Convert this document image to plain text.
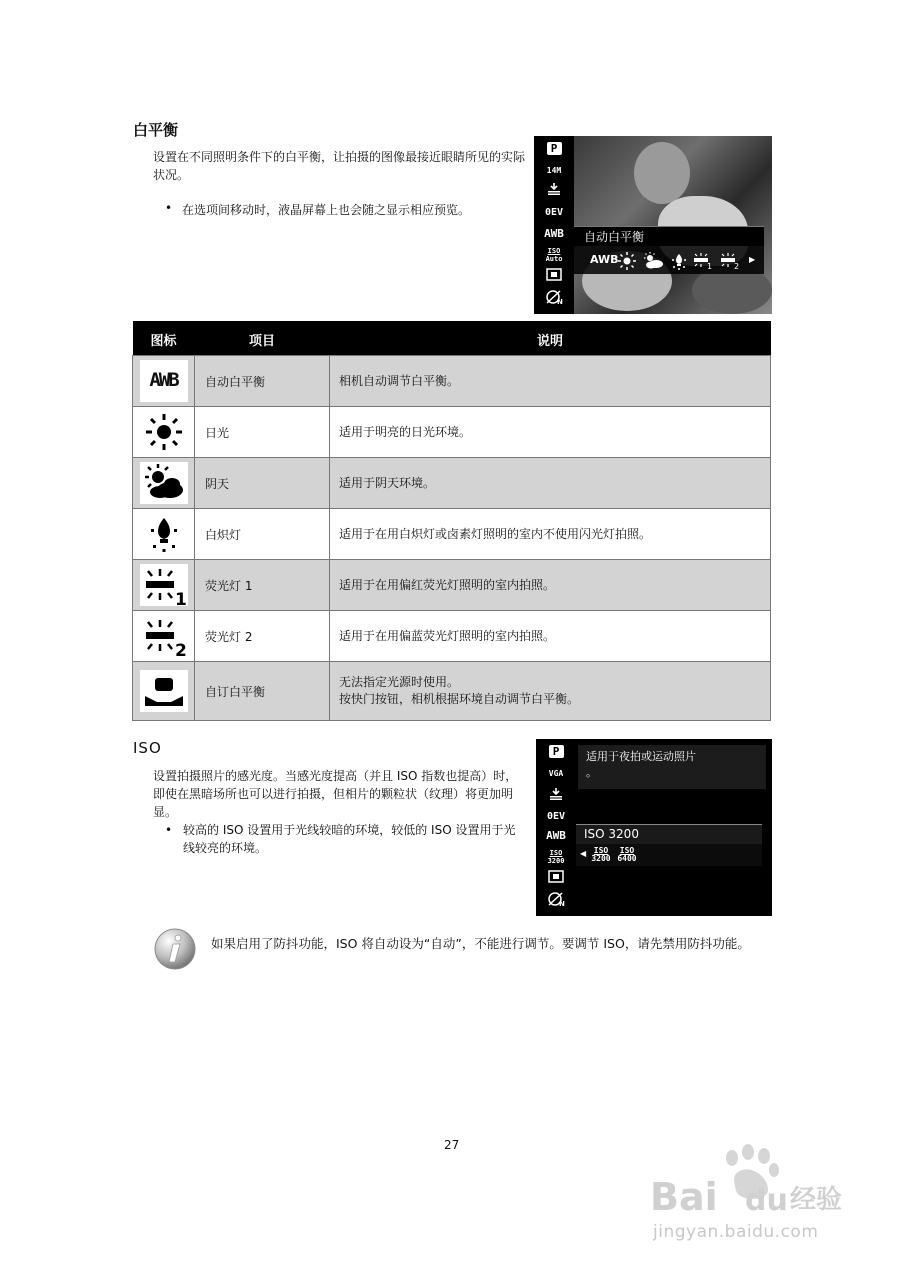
白平衡
设置在不同照明条件下的白平衡，让拍摄的图像最接近眼睛所见的实际状况。
• 在选项间移动时，液晶屏幕上也会随之显示相应预览。
P
14M
0EV
AWB
ISO
Auto
N
自动白平衡
AWB	1	2
▶
图标	项目	说明

AWB	自动白平衡	相机自动调节白平衡。
	日光	适用于明亮的日光环境。
	阴天	适用于阴天环境。
	白炽灯	适用于在用白炽灯或卤素灯照明的室内不使用闪光灯拍照。

1	荧光灯 1	适用于在用偏红荧光灯照明的室内拍照。

2	荧光灯 2	适用于在用偏蓝荧光灯照明的室内拍照。
	自订白平衡	无法指定光源时使用。
按快门按钮，相机根据环境自动调节白平衡。
ISO
设置拍摄照片的感光度。当感光度提高（并且 ISO 指数也提高）时，即使在黑暗场所也可以进行拍摄，但相片的颗粒状（纹理）将更加明显。
• 较高的 ISO 设置用于光线较暗的环境，较低的 ISO 设置用于光线较亮的环境。
P
VGA
0EV
AWB
ISO
3200
N
适用于夜拍或运动照片
。
ISO 3200
◀ ISO
3200
ISO
6400
如果启用了防抖功能，ISO 将自动设为“自动”，不能进行调节。要调节 ISO，请先禁用防抖功能。
27
Bai du 经验
jingyan.baidu.com
